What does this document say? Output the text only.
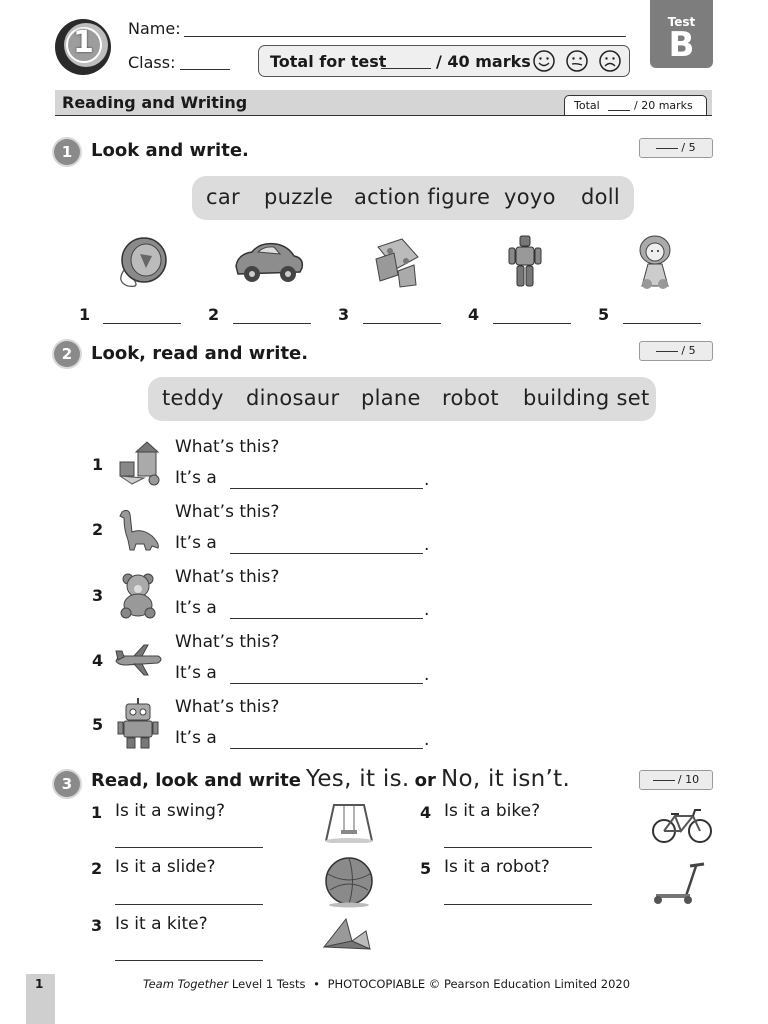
1 Name:
Class:	Total for test	/ 40 marks
Test
B
Reading and Writing	Total	/ 20 marks
1	Look and write.	/ 5
car puzzle action figure yoyo doll
1	2	3	4	5
2	Look, read and write.	/ 5
teddy dinosaur plane robot building set
1
What’s this?
It’s a	.
2
What’s this?
It’s a	.
3
What’s this?
It’s a	.
4
What’s this?
It’s a	.
5
What’s this?
It’s a	.
3	Read, look and write Yes, it is. or No, it isn’t.	/ 10
1 Is it a swing?
2 Is it a slide?
3 Is it a kite?
4 Is it a bike?
5 Is it a robot?
1	Team Together Level 1 Tests • PHOTOCOPIABLE © Pearson Education Limited 2020
